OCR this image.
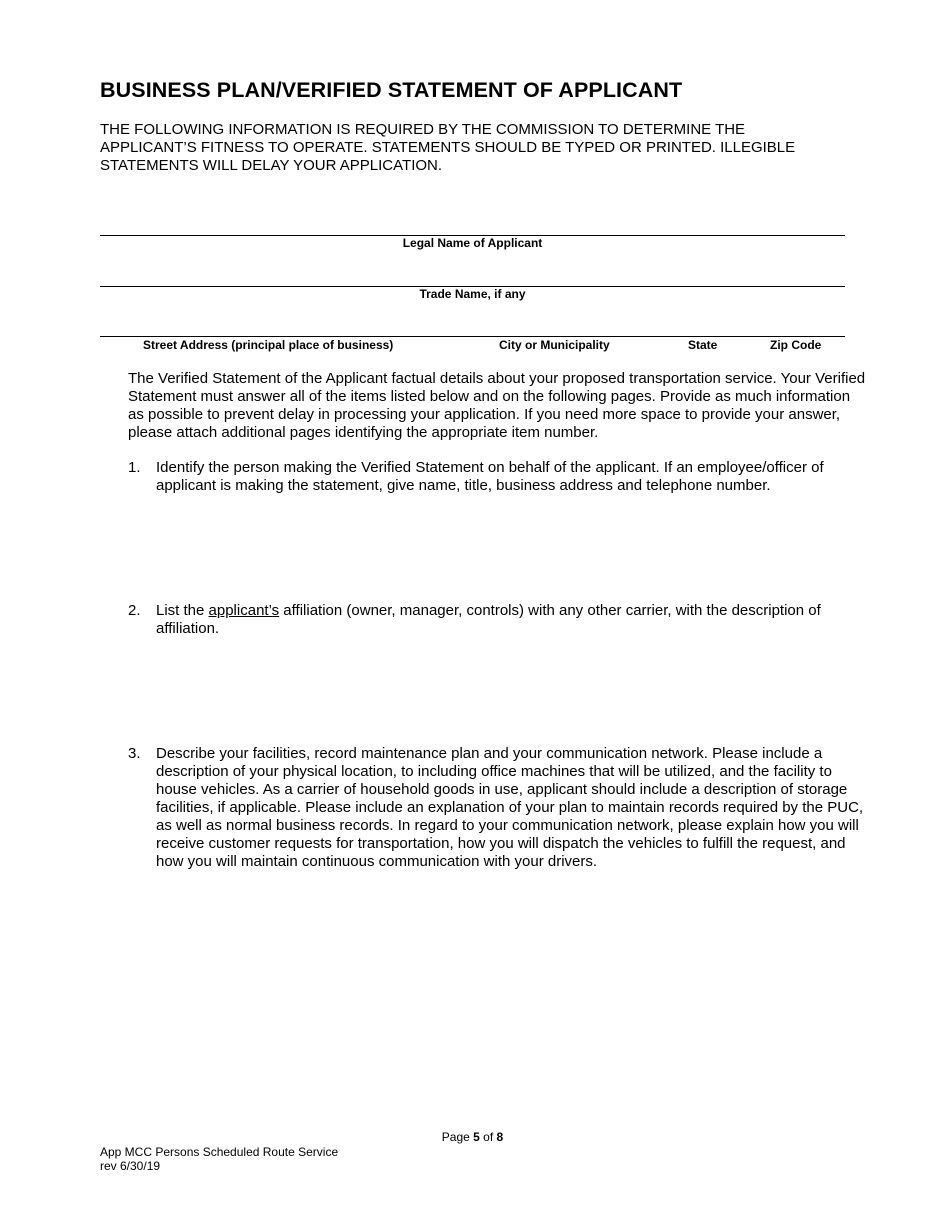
BUSINESS PLAN/VERIFIED STATEMENT OF APPLICANT
THE FOLLOWING INFORMATION IS REQUIRED BY THE COMMISSION TO DETERMINE THE APPLICANT’S FITNESS TO OPERATE. STATEMENTS SHOULD BE TYPED OR PRINTED. ILLEGIBLE STATEMENTS WILL DELAY YOUR APPLICATION.
Legal Name of Applicant
Trade Name, if any
Street Address (principal place of business)	City or Municipality	State	Zip Code
The Verified Statement of the Applicant factual details about your proposed transportation service. Your Verified Statement must answer all of the items listed below and on the following pages. Provide as much information as possible to prevent delay in processing your application. If you need more space to provide your answer, please attach additional pages identifying the appropriate item number.
1.	Identify the person making the Verified Statement on behalf of the applicant. If an employee/officer of applicant is making the statement, give name, title, business address and telephone number.
2.	List the applicant’s affiliation (owner, manager, controls) with any other carrier, with the description of affiliation.
3.	Describe your facilities, record maintenance plan and your communication network. Please include a description of your physical location, to including office machines that will be utilized, and the facility to house vehicles. As a carrier of household goods in use, applicant should include a description of storage facilities, if applicable. Please include an explanation of your plan to maintain records required by the PUC, as well as normal business records. In regard to your communication network, please explain how you will receive customer requests for transportation, how you will dispatch the vehicles to fulfill the request, and how you will maintain continuous communication with your drivers.
Page 5 of 8
App MCC Persons Scheduled Route Service
rev 6/30/19
